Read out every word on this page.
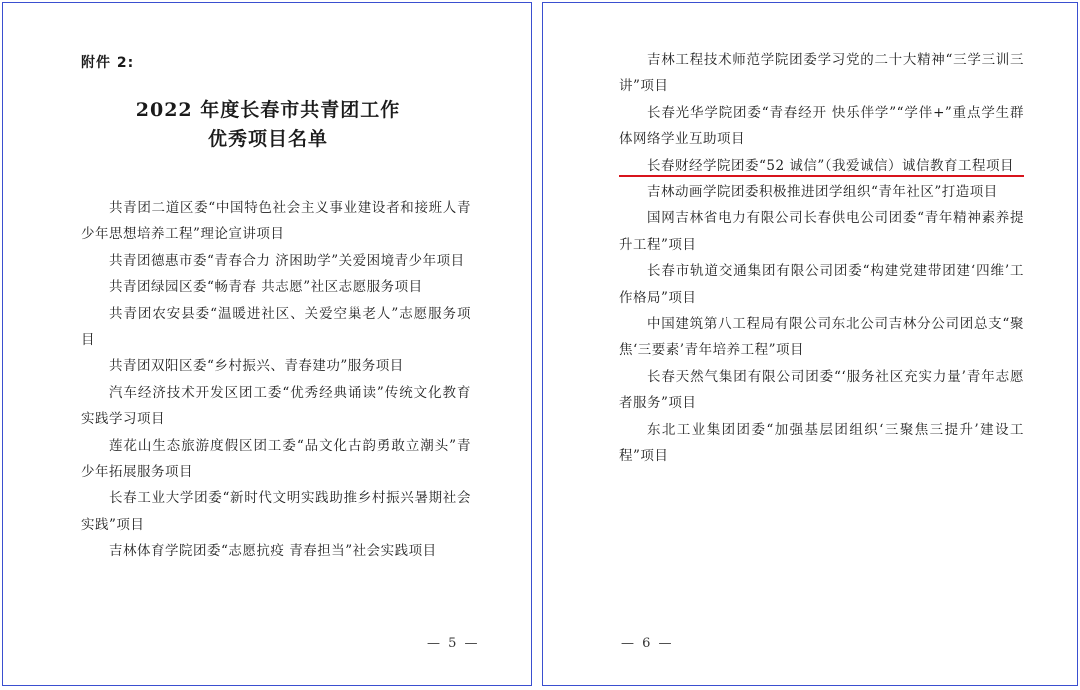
附件 2:
2022 年度长春市共青团工作
优秀项目名单
共青团二道区委“中国特色社会主义事业建设者和接班人青少年思想培养工程”理论宣讲项目
共青团德惠市委“青春合力 济困助学”关爱困境青少年项目
共青团绿园区委“畅青春 共志愿”社区志愿服务项目
共青团农安县委“温暖进社区、关爱空巢老人”志愿服务项目
共青团双阳区委“乡村振兴、青春建功”服务项目
汽车经济技术开发区团工委“优秀经典诵读”传统文化教育实践学习项目
莲花山生态旅游度假区团工委“品文化古韵勇敢立潮头”青少年拓展服务项目
长春工业大学团委“新时代文明实践助推乡村振兴暑期社会实践”项目
吉林体育学院团委“志愿抗疫 青春担当”社会实践项目
— 5 —
吉林工程技术师范学院团委学习党的二十大精神“三学三训三讲”项目
长春光华学院团委“青春经开 快乐伴学”“学伴+”重点学生群体网络学业互助项目
长春财经学院团委“52 诚信”（我爱诚信）诚信教育工程项目
吉林动画学院团委积极推进团学组织“青年社区”打造项目
国网吉林省电力有限公司长春供电公司团委“青年精神素养提升工程”项目
长春市轨道交通集团有限公司团委“构建党建带团建‘四维’工作格局”项目
中国建筑第八工程局有限公司东北公司吉林分公司团总支“聚焦‘三要素’青年培养工程”项目
长春天然气集团有限公司团委“‘服务社区充实力量’青年志愿者服务”项目
东北工业集团团委“加强基层团组织‘三聚焦三提升’建设工程”项目
— 6 —
